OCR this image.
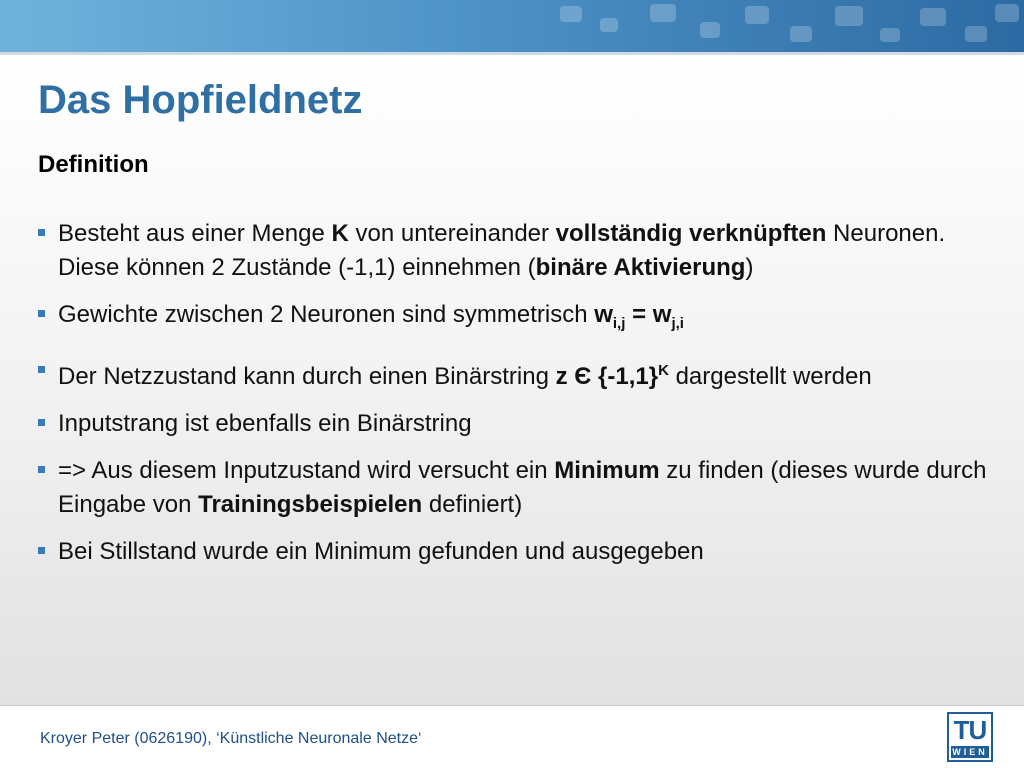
Das Hopfieldnetz
Definition
Besteht aus einer Menge K von untereinander vollständig verknüpften Neuronen. Diese können 2 Zustände (-1,1) einnehmen (binäre Aktivierung)
Gewichte zwischen 2 Neuronen sind symmetrisch $w_{i,j} = w_{j,i}$
Der Netzzustand kann durch einen Binärstring z Є $\{-1,1\}^K$ dargestellt werden
Inputstrang ist ebenfalls ein Binärstring
=> Aus diesem Inputzustand wird versucht ein Minimum zu finden (dieses wurde durch Eingabe von Trainingsbeispielen definiert)
Bei Stillstand wurde ein Minimum gefunden und ausgegeben
Kroyer Peter (0626190), ‘Künstliche Neuronale Netze‘	TU
WIEN
